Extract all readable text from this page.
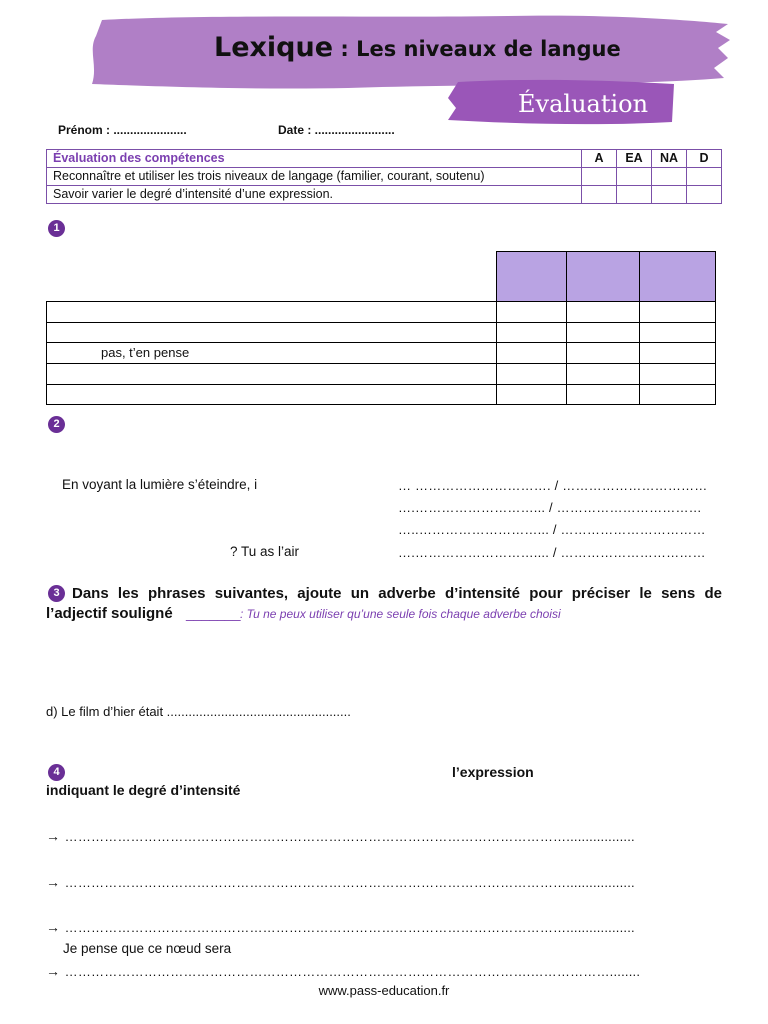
Lexique : Les niveaux de langue
Évaluation
Prénom : ......................	Date : ........................
Évaluation des compétences	A	EA	NA	D
Reconnaître et utiliser les trois niveaux de langage (familier, courant, soutenu)				
Savoir varier le degré d’intensité d’une expression.				
1
pas, t’en pense
2
En voyant la lumière s’éteindre, i	… …………………………. / ……………………………
….………………………... / ……………………………
…..………………………... / ……………………………
? Tu as l’air	….……………………….... / ……………………………
3 Dans les phrases suivantes, ajoute un adverbe d’intensité pour préciser le sens de
l’adjectif souligné _______ : Tu ne peux utiliser qu’une seule fois chaque adverbe choisi
d) Le film d’hier était ...................................................
4	l’expression
indiquant le degré d’intensité
→ ……………………………………………………………………………………………………..................
→ ……………………………………………………………………………………………………..................
→ ……………………………………………………………………………………………………..................
Je pense que ce nœud sera
→ …………………………………………………………………………………………….………………........
www.pass-education.fr
